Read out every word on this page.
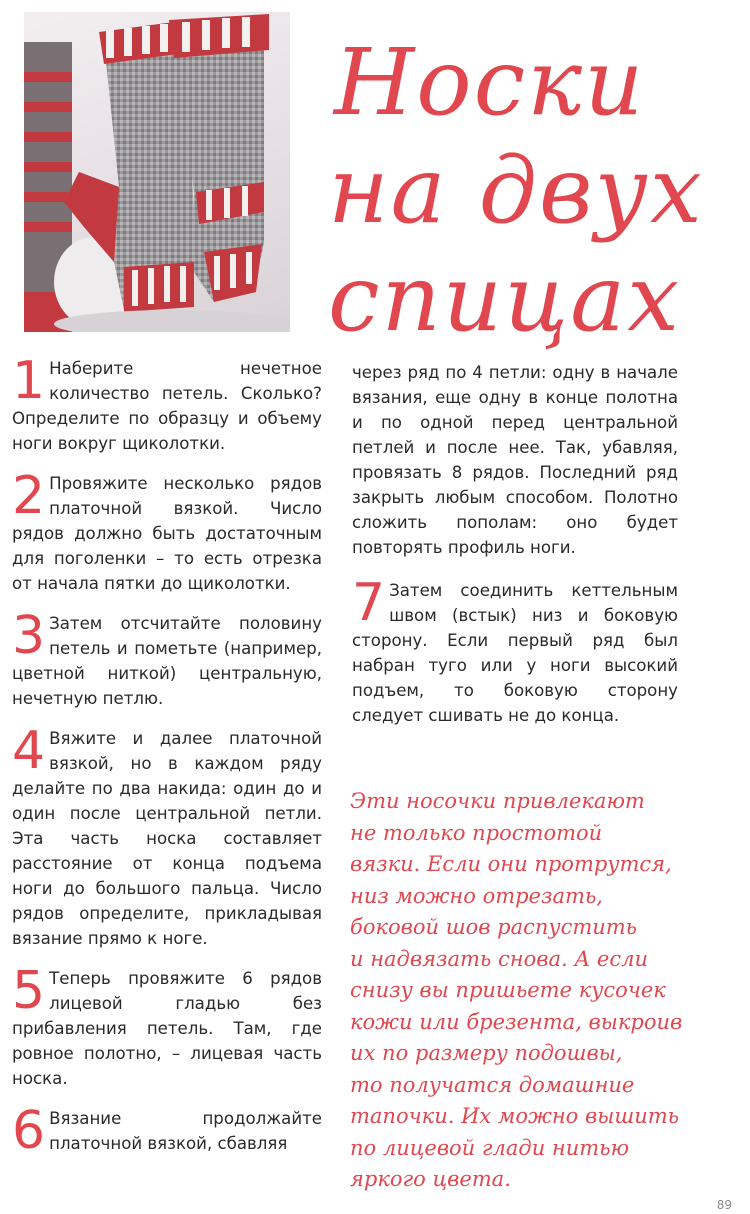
Носки
на двух
спицах
1 Наберите нечетное количество петель. Сколько? Определите по образцу и объему ноги вокруг щиколотки.

2 Провяжите несколько рядов платочной вязкой. Число рядов должно быть достаточным для поголенки – то есть отрезка от начала пятки до щиколотки.

3 Затем отсчитайте половину петель и пометьте (например, цветной ниткой) центральную, нечетную петлю.

4 Вяжите и далее платочной вязкой, но в каждом ряду делайте по два накида: один до и один после центральной петли. Эта часть носка составляет расстояние от конца подъема ноги до большого пальца. Число рядов определите, прикладывая вязание прямо к ноге.

5 Теперь провяжите 6 рядов лицевой гладью без прибавления петель. Там, где ровное полотно, – лицевая часть носка.

6 Вязание продолжайте платочной вязкой, сбавляя

через ряд по 4 петли: одну в начале вязания, еще одну в конце полотна и по одной перед центральной петлей и после нее. Так, убавляя, провязать 8 рядов. Последний ряд закрыть любым способом. Полотно сложить пополам: оно будет повторять профиль ноги.

7 Затем соединить кеттельным швом (встык) низ и боковую сторону. Если первый ряд был набран туго или у ноги высокий подъем, то боковую сторону следует сшивать не до конца.

Эти носочки привлекают
не только простотой
вязки. Если они протрутся,
низ можно отрезать,
боковой шов распустить
и надвязать снова. А если
снизу вы пришьете кусочек
кожи или брезента, выкроив
их по размеру подошвы,
то получатся домашние
тапочки. Их можно вышить
по лицевой глади нитью
яркого цвета.
89
